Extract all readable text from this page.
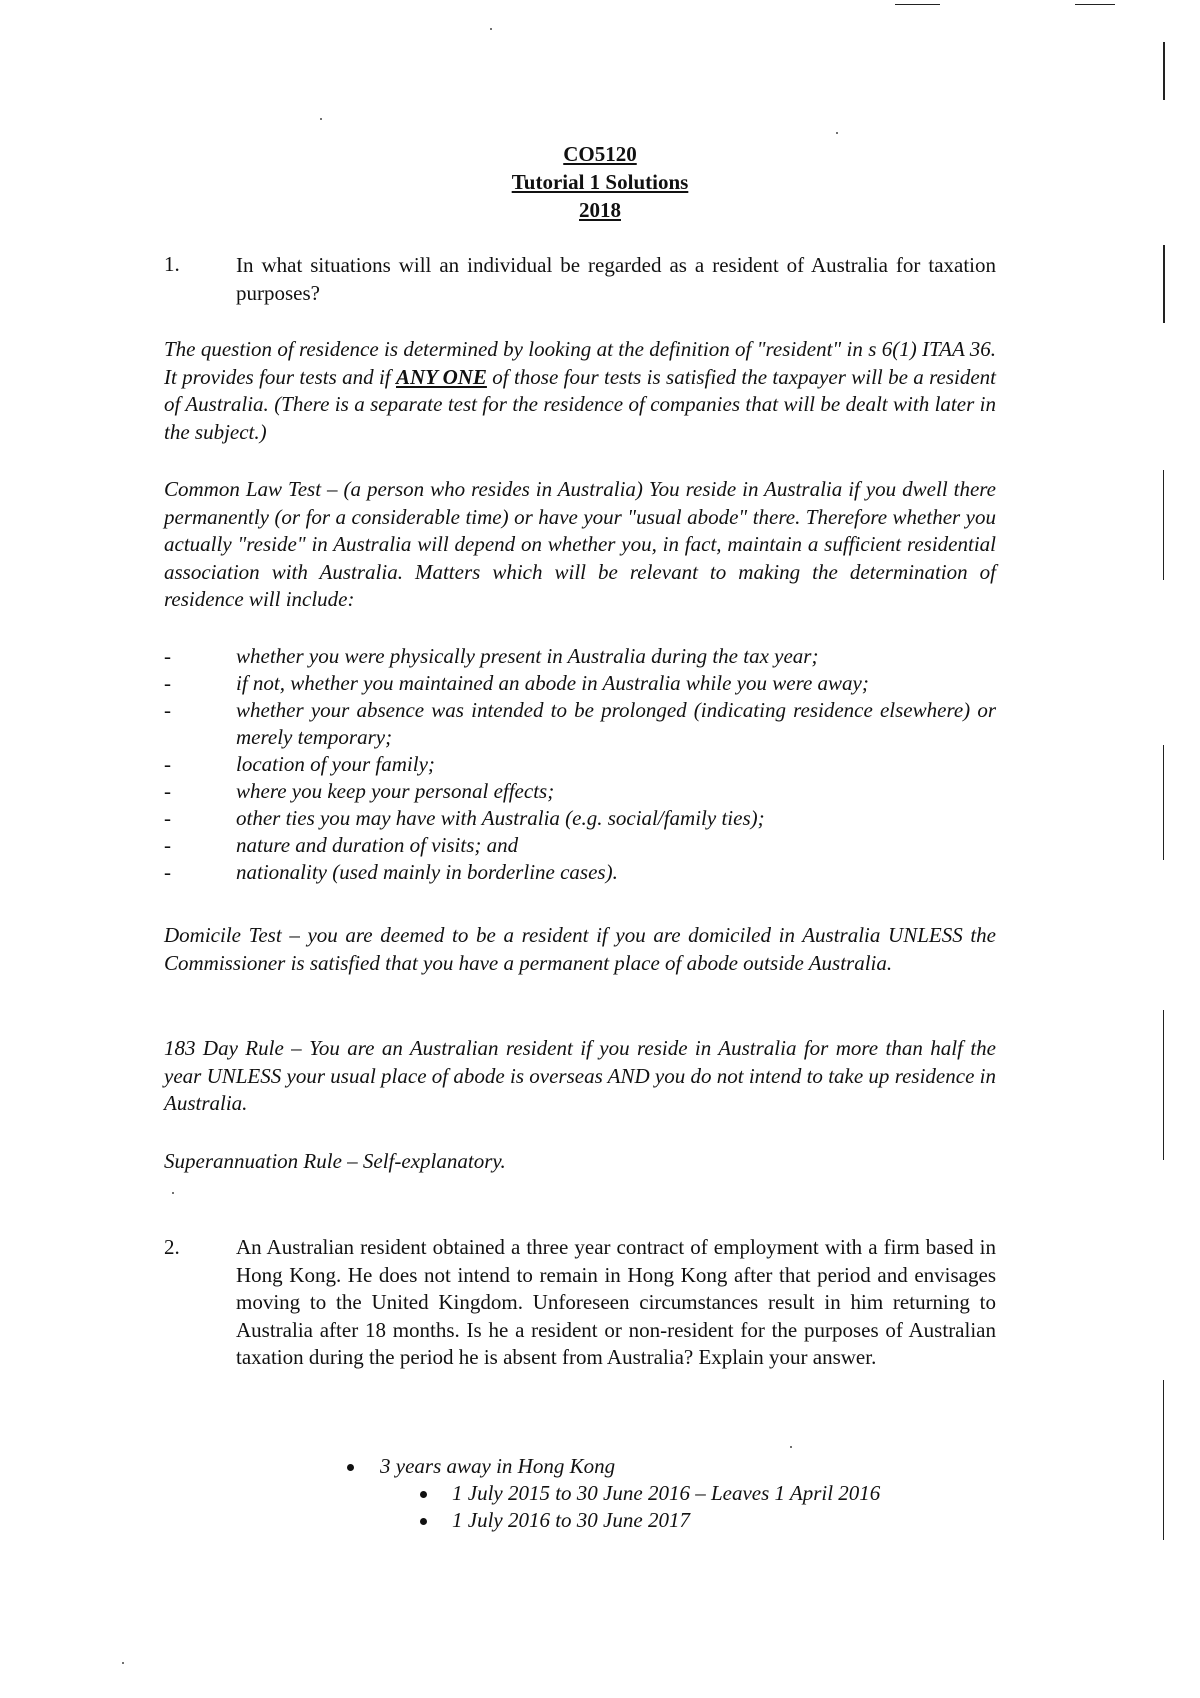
CO5120
Tutorial 1 Solutions
2018
1.	In what situations will an individual be regarded as a resident of Australia for taxation purposes?

The question of residence is determined by looking at the definition of "resident" in s 6(1) ITAA 36. It provides four tests and if ANY ONE of those four tests is satisfied the taxpayer will be a resident of Australia. (There is a separate test for the residence of companies that will be dealt with later in the subject.)

Common Law Test – (a person who resides in Australia) You reside in Australia if you dwell there permanently (or for a considerable time) or have your "usual abode" there. Therefore whether you actually "reside" in Australia will depend on whether you, in fact, maintain a sufficient residential association with Australia. Matters which will be relevant to making the determination of residence will include:

-	whether you were physically present in Australia during the tax year;

-	if not, whether you maintained an abode in Australia while you were away;

-	whether your absence was intended to be prolonged (indicating residence elsewhere) or merely temporary;

-	location of your family;

-	where you keep your personal effects;

-	other ties you may have with Australia (e.g. social/family ties);

-	nature and duration of visits; and

-	nationality (used mainly in borderline cases).

Domicile Test – you are deemed to be a resident if you are domiciled in Australia UNLESS the Commissioner is satisfied that you have a permanent place of abode outside Australia.

183 Day Rule – You are an Australian resident if you reside in Australia for more than half the year UNLESS your usual place of abode is overseas AND you do not intend to take up residence in Australia.

Superannuation Rule – Self-explanatory.

2.	An Australian resident obtained a three year contract of employment with a firm based in Hong Kong. He does not intend to remain in Hong Kong after that period and envisages moving to the United Kingdom. Unforeseen circumstances result in him returning to Australia after 18 months. Is he a resident or non-resident for the purposes of Australian taxation during the period he is absent from Australia? Explain your answer.

3 years away in Hong Kong

1 July 2015 to 30 June 2016 – Leaves 1 April 2016

1 July 2016 to 30 June 2017
